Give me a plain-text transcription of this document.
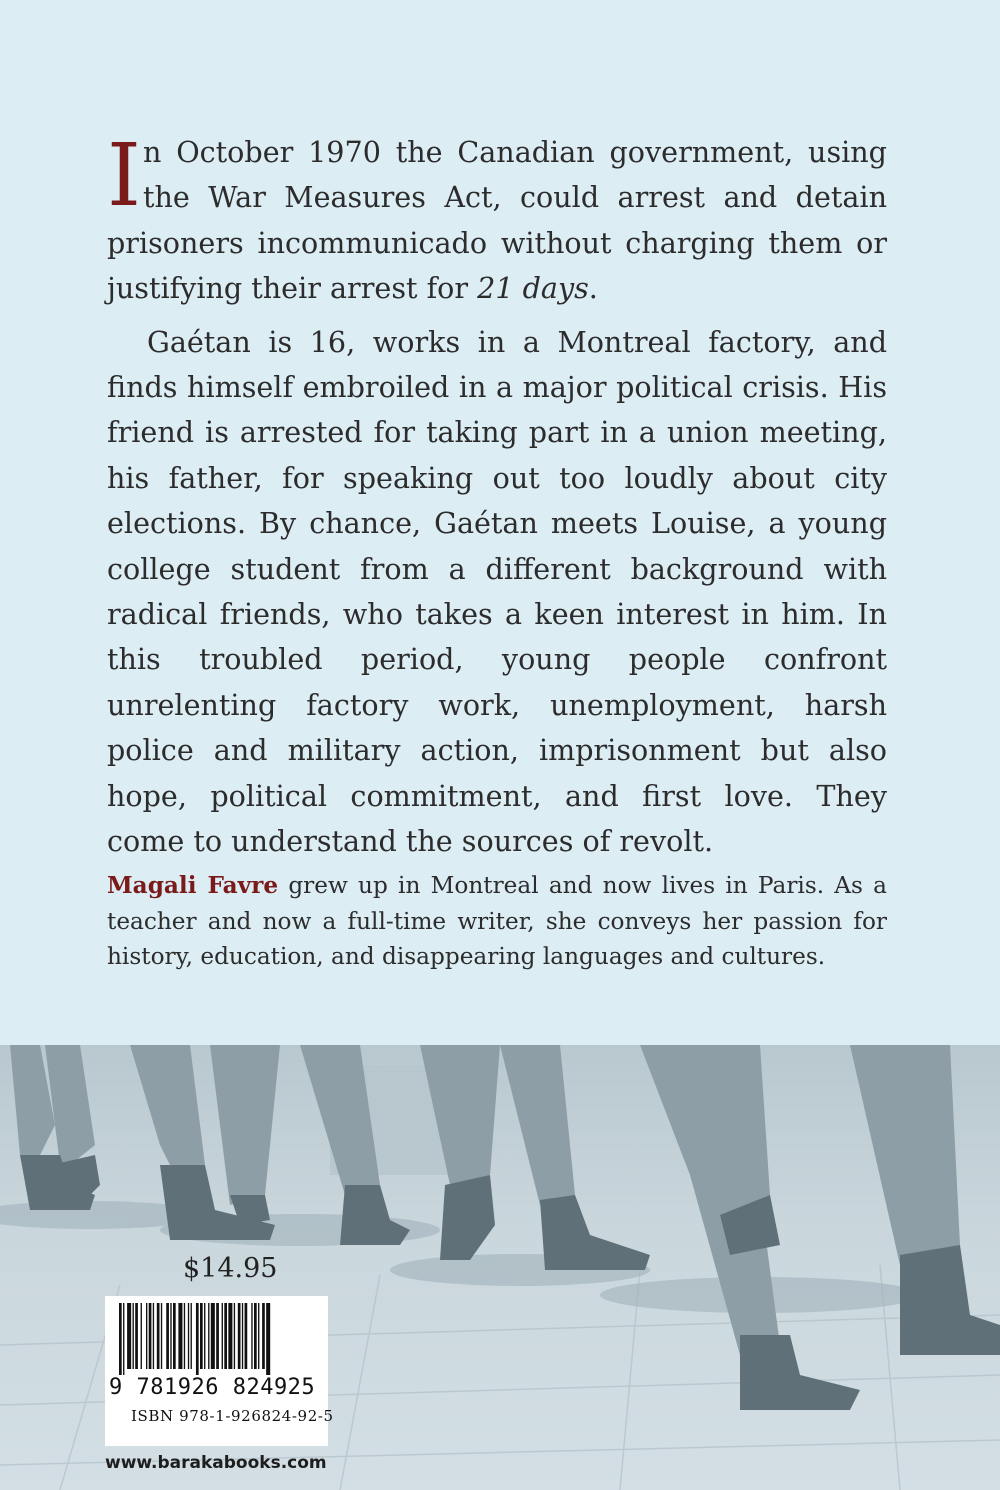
In October 1970 the Canadian government, using the War Measures Act, could arrest and detain prisoners incommunicado without charging them or justifying their arrest for 21 days.

Gaétan is 16, works in a Montreal factory, and finds himself embroiled in a major political crisis. His friend is arrested for taking part in a union meeting, his father, for speaking out too loudly about city elections. By chance, Gaétan meets Louise, a young college student from a different background with radical friends, who takes a keen interest in him. In this troubled period, young people confront unrelenting factory work, unemployment, harsh police and military action, imprisonment but also hope, political commitment, and first love. They come to understand the sources of revolt.

Magali Favre grew up in Montreal and now lives in Paris. As a teacher and now a full-time writer, she conveys her passion for history, education, and disappearing languages and cultures.

$14.95
9 781926 824925
ISBN 978-1-926824-92-5
www.barakabooks.com
